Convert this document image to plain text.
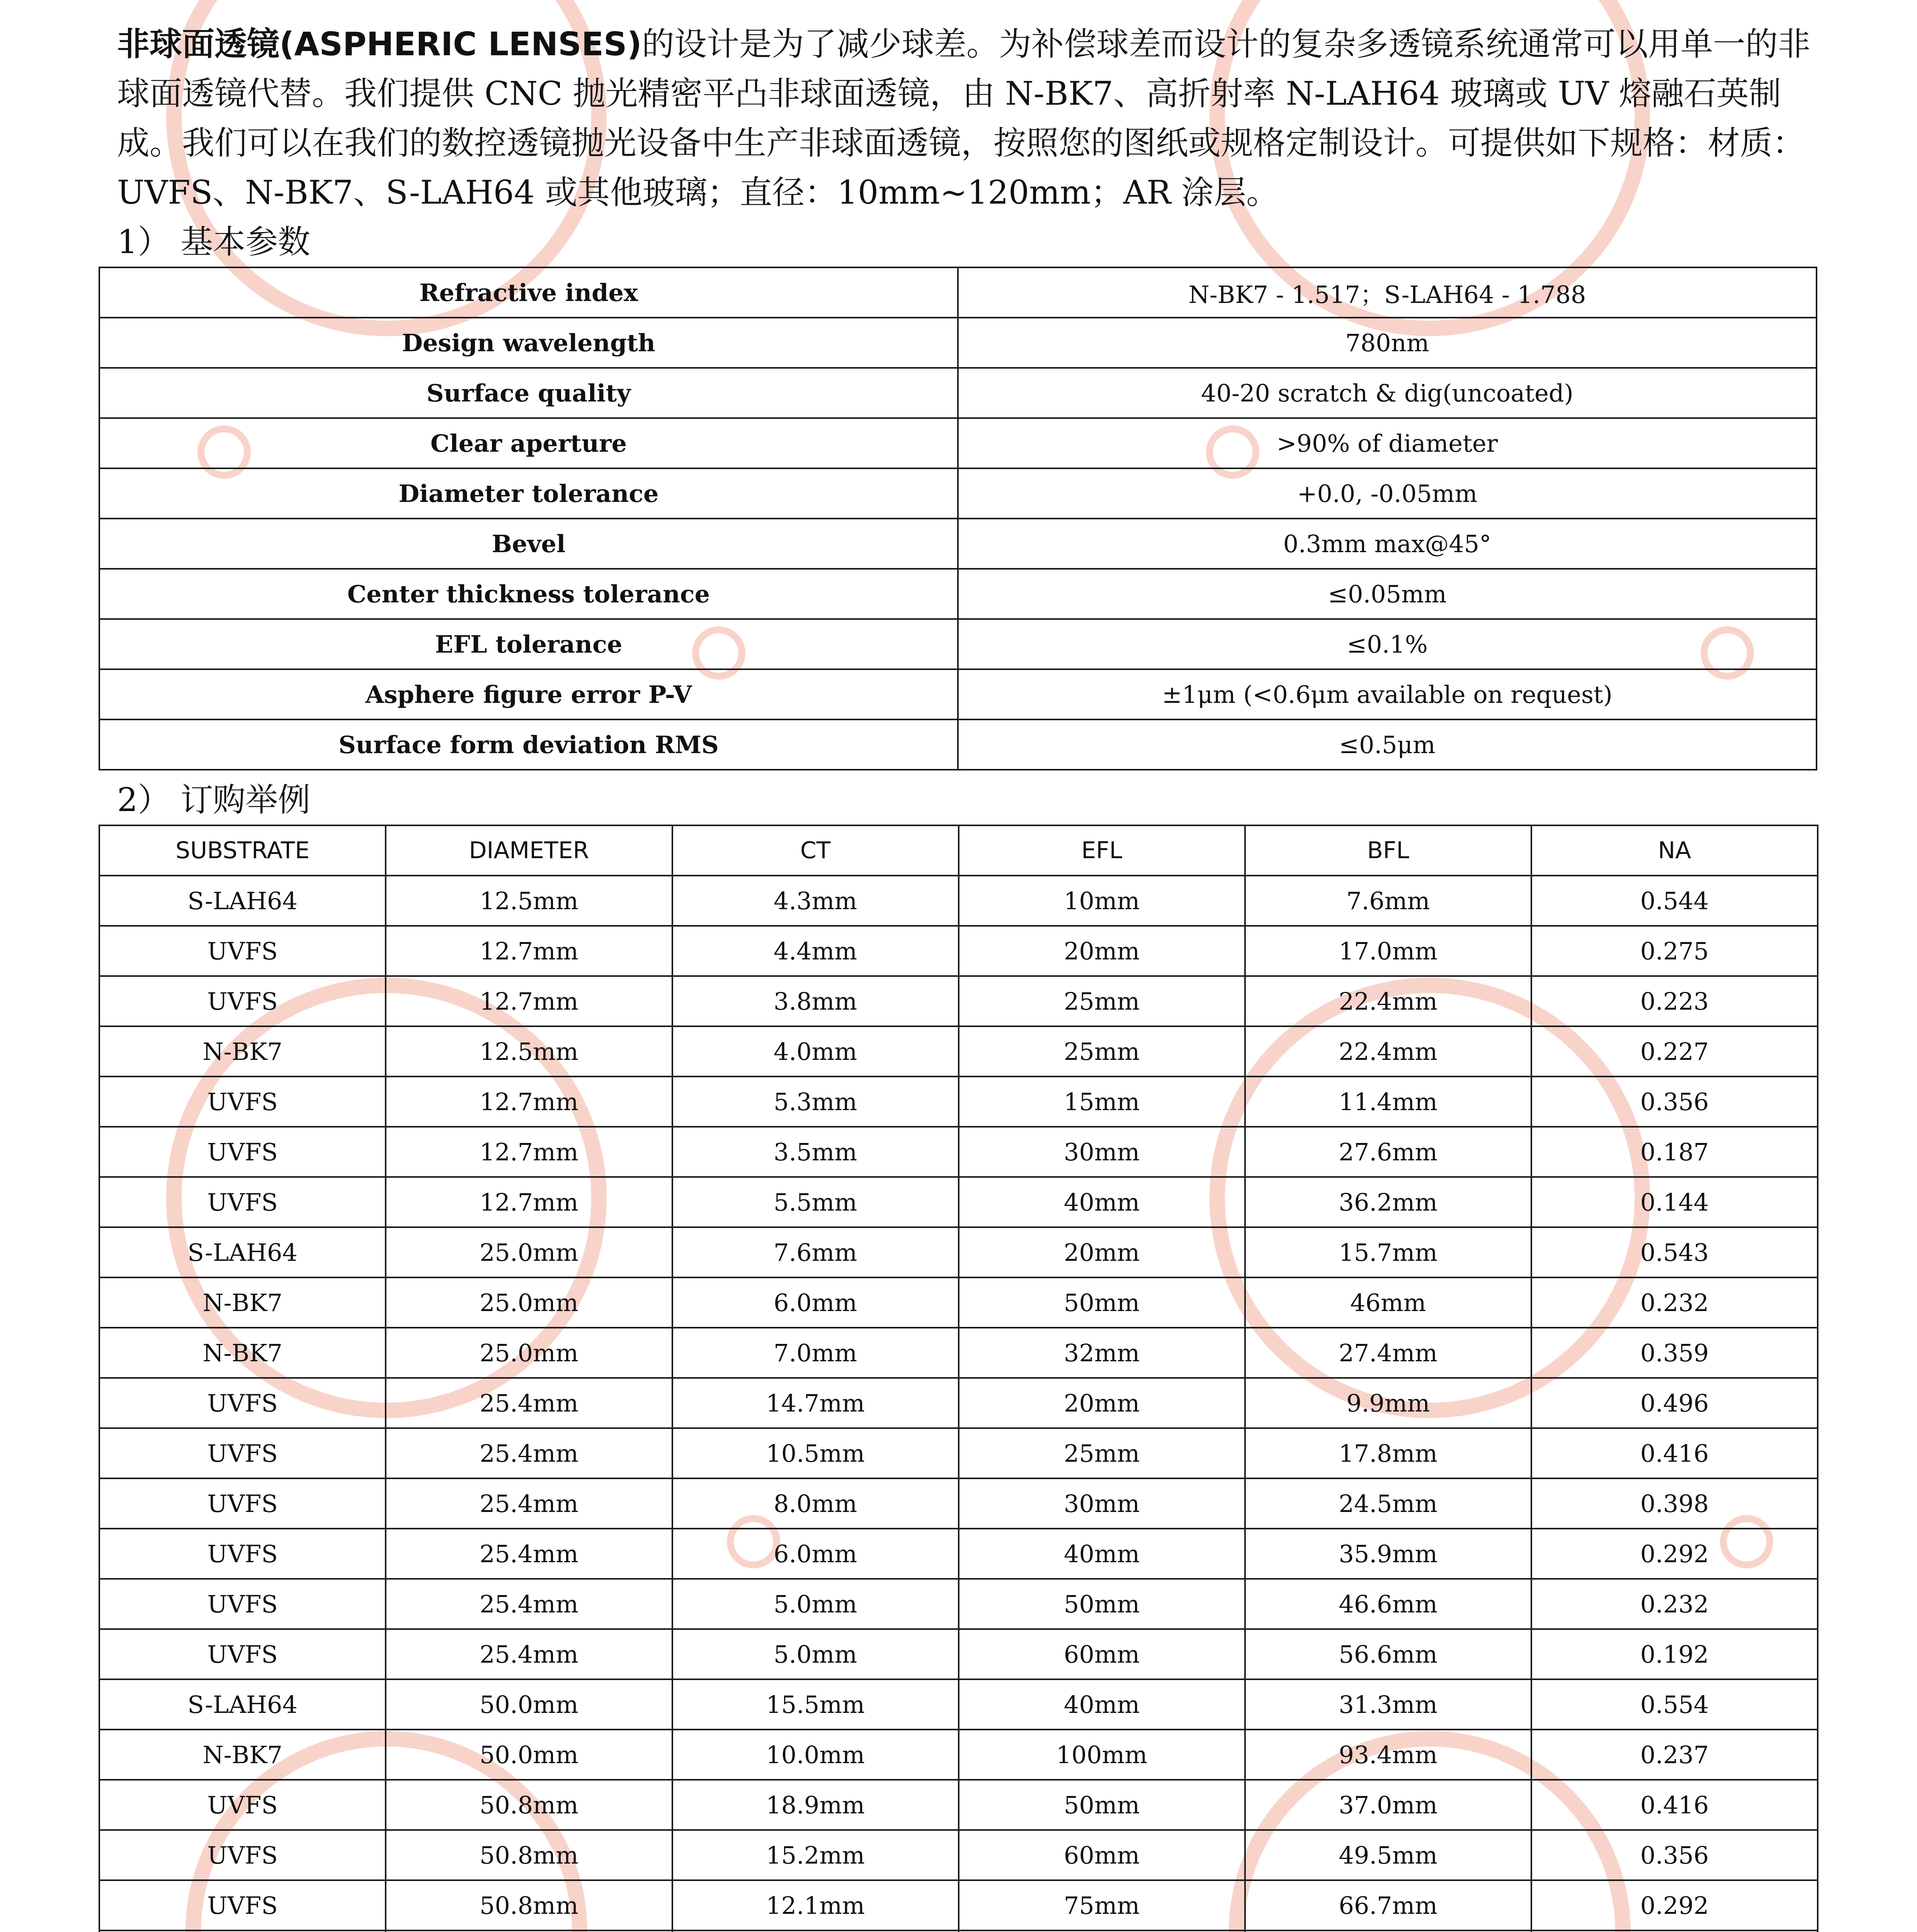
非球面透镜(ASPHERIC LENSES)的设计是为了减少球差。为补偿球差而设计的复杂多透镜系统通常可以用单一的非球面透镜代替。我们提供 CNC 抛光精密平凸非球面透镜，由 N-BK7、高折射率 N-LAH64 玻璃或 UV 熔融石英制成。我们可以在我们的数控透镜抛光设备中生产非球面透镜，按照您的图纸或规格定制设计。可提供如下规格：材质：UVFS、N-BK7、S-LAH64 或其他玻璃；直径：10mm~120mm；AR 涂层。

1） 基本参数

Refractive index	N-BK7 - 1.517；S-LAH64 - 1.788
Design wavelength	780nm
Surface quality	40-20 scratch & dig(uncoated)
Clear aperture	>90% of diameter
Diameter tolerance	+0.0, -0.05mm
Bevel	0.3mm max@45°
Center thickness tolerance	≤0.05mm
EFL tolerance	≤0.1%
Asphere figure error P-V	±1μm (<0.6μm available on request)
Surface form deviation RMS	≤0.5μm

2） 订购举例

SUBSTRATE	DIAMETER	CT	EFL	BFL	NA
S-LAH64	12.5mm	4.3mm	10mm	7.6mm	0.544
UVFS	12.7mm	4.4mm	20mm	17.0mm	0.275
UVFS	12.7mm	3.8mm	25mm	22.4mm	0.223
N-BK7	12.5mm	4.0mm	25mm	22.4mm	0.227
UVFS	12.7mm	5.3mm	15mm	11.4mm	0.356
UVFS	12.7mm	3.5mm	30mm	27.6mm	0.187
UVFS	12.7mm	5.5mm	40mm	36.2mm	0.144
S-LAH64	25.0mm	7.6mm	20mm	15.7mm	0.543
N-BK7	25.0mm	6.0mm	50mm	46mm	0.232
N-BK7	25.0mm	7.0mm	32mm	27.4mm	0.359
UVFS	25.4mm	14.7mm	20mm	9.9mm	0.496
UVFS	25.4mm	10.5mm	25mm	17.8mm	0.416
UVFS	25.4mm	8.0mm	30mm	24.5mm	0.398
UVFS	25.4mm	6.0mm	40mm	35.9mm	0.292
UVFS	25.4mm	5.0mm	50mm	46.6mm	0.232
UVFS	25.4mm	5.0mm	60mm	56.6mm	0.192
S-LAH64	50.0mm	15.5mm	40mm	31.3mm	0.554
N-BK7	50.0mm	10.0mm	100mm	93.4mm	0.237
UVFS	50.8mm	18.9mm	50mm	37.0mm	0.416
UVFS	50.8mm	15.2mm	60mm	49.5mm	0.356
UVFS	50.8mm	12.1mm	75mm	66.7mm	0.292
